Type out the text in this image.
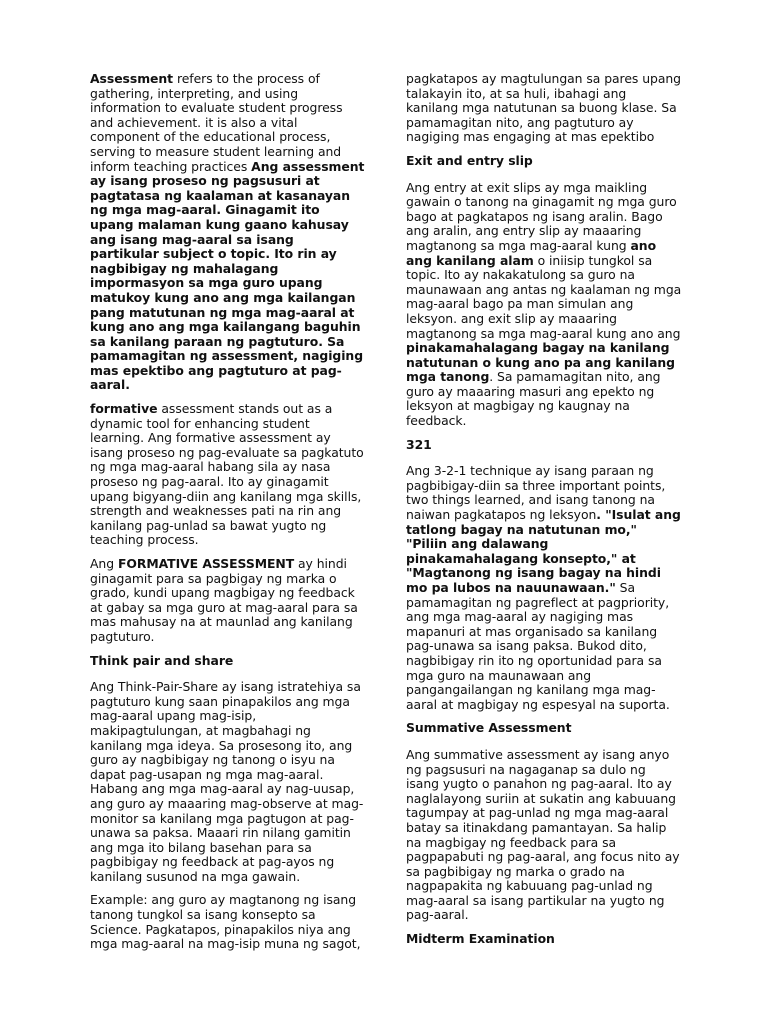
Assessment refers to the process of gathering, interpreting, and using information to evaluate student progress and achievement. it is also a vital component of the educational process, serving to measure student learning and inform teaching practices Ang assessment ay isang proseso ng pagsusuri at pagtatasa ng kaalaman at kasanayan ng mga mag-aaral. Ginagamit ito upang malaman kung gaano kahusay ang isang mag-aaral sa isang partikular subject o topic. Ito rin ay nagbibigay ng mahalagang impormasyon sa mga guro upang matukoy kung ano ang mga kailangan pang matutunan ng mga mag-aaral at kung ano ang mga kailangang baguhin sa kanilang paraan ng pagtuturo. Sa pamamagitan ng assessment, nagiging mas epektibo ang pagtuturo at pag-aaral.

formative assessment stands out as a dynamic tool for enhancing student learning. Ang formative assessment ay isang proseso ng pag-evaluate sa pagkatuto ng mga mag-aaral habang sila ay nasa proseso ng pag-aaral. Ito ay ginagamit upang bigyang-diin ang kanilang mga skills, strength and weaknesses pati na rin ang kanilang pag-unlad sa bawat yugto ng teaching process.

Ang FORMATIVE ASSESSMENT ay hindi ginagamit para sa pagbigay ng marka o grado, kundi upang magbigay ng feedback at gabay sa mga guro at mag-aaral para sa mas mahusay na at maunlad ang kanilang pagtuturo.

Think pair and share

Ang Think-Pair-Share ay isang istratehiya sa pagtuturo kung saan pinapakilos ang mga mag-aaral upang mag-isip, makipagtulungan, at magbahagi ng kanilang mga ideya. Sa prosesong ito, ang guro ay nagbibigay ng tanong o isyu na dapat pag-usapan ng mga mag-aaral. Habang ang mga mag-aaral ay nag-uusap, ang guro ay maaaring mag-observe at mag-monitor sa kanilang mga pagtugon at pag-unawa sa paksa. Maaari rin nilang gamitin ang mga ito bilang basehan para sa pagbibigay ng feedback at pag-ayos ng kanilang susunod na mga gawain.

Example: ang guro ay magtanong ng isang tanong tungkol sa isang konsepto sa Science. Pagkatapos, pinapakilos niya ang mga mag-aaral na mag-isip muna ng sagot,

pagkatapos ay magtulungan sa pares upang talakayin ito, at sa huli, ibahagi ang kanilang mga natutunan sa buong klase. Sa pamamagitan nito, ang pagtuturo ay nagiging mas engaging at mas epektibo

Exit and entry slip

Ang entry at exit slips ay mga maikling gawain o tanong na ginagamit ng mga guro bago at pagkatapos ng isang aralin. Bago ang aralin, ang entry slip ay maaaring magtanong sa mga mag-aaral kung ano ang kanilang alam o iniisip tungkol sa topic. Ito ay nakakatulong sa guro na maunawaan ang antas ng kaalaman ng mga mag-aaral bago pa man simulan ang leksyon. ang exit slip ay maaaring magtanong sa mga mag-aaral kung ano ang pinakamahalagang bagay na kanilang natutunan o kung ano pa ang kanilang mga tanong. Sa pamamagitan nito, ang guro ay maaaring masuri ang epekto ng leksyon at magbigay ng kaugnay na feedback.

321

Ang 3-2-1 technique ay isang paraan ng pagbibigay-diin sa three important points, two things learned, and isang tanong na naiwan pagkatapos ng leksyon. "Isulat ang tatlong bagay na natutunan mo," "Piliin ang dalawang pinakamahalagang konsepto," at "Magtanong ng isang bagay na hindi mo pa lubos na nauunawaan." Sa pamamagitan ng pagreflect at pagpriority, ang mga mag-aaral ay nagiging mas mapanuri at mas organisado sa kanilang pag-unawa sa isang paksa. Bukod dito, nagbibigay rin ito ng oportunidad para sa mga guro na maunawaan ang pangangailangan ng kanilang mga mag-aaral at magbigay ng espesyal na suporta.

Summative Assessment

Ang summative assessment ay isang anyo ng pagsusuri na nagaganap sa dulo ng isang yugto o panahon ng pag-aaral. Ito ay naglalayong suriin at sukatin ang kabuuang tagumpay at pag-unlad ng mga mag-aaral batay sa itinakdang pamantayan. Sa halip na magbigay ng feedback para sa pagpapabuti ng pag-aaral, ang focus nito ay sa pagbibigay ng marka o grado na nagpapakita ng kabuuang pag-unlad ng mag-aaral sa isang partikular na yugto ng pag-aaral.

Midterm Examination
